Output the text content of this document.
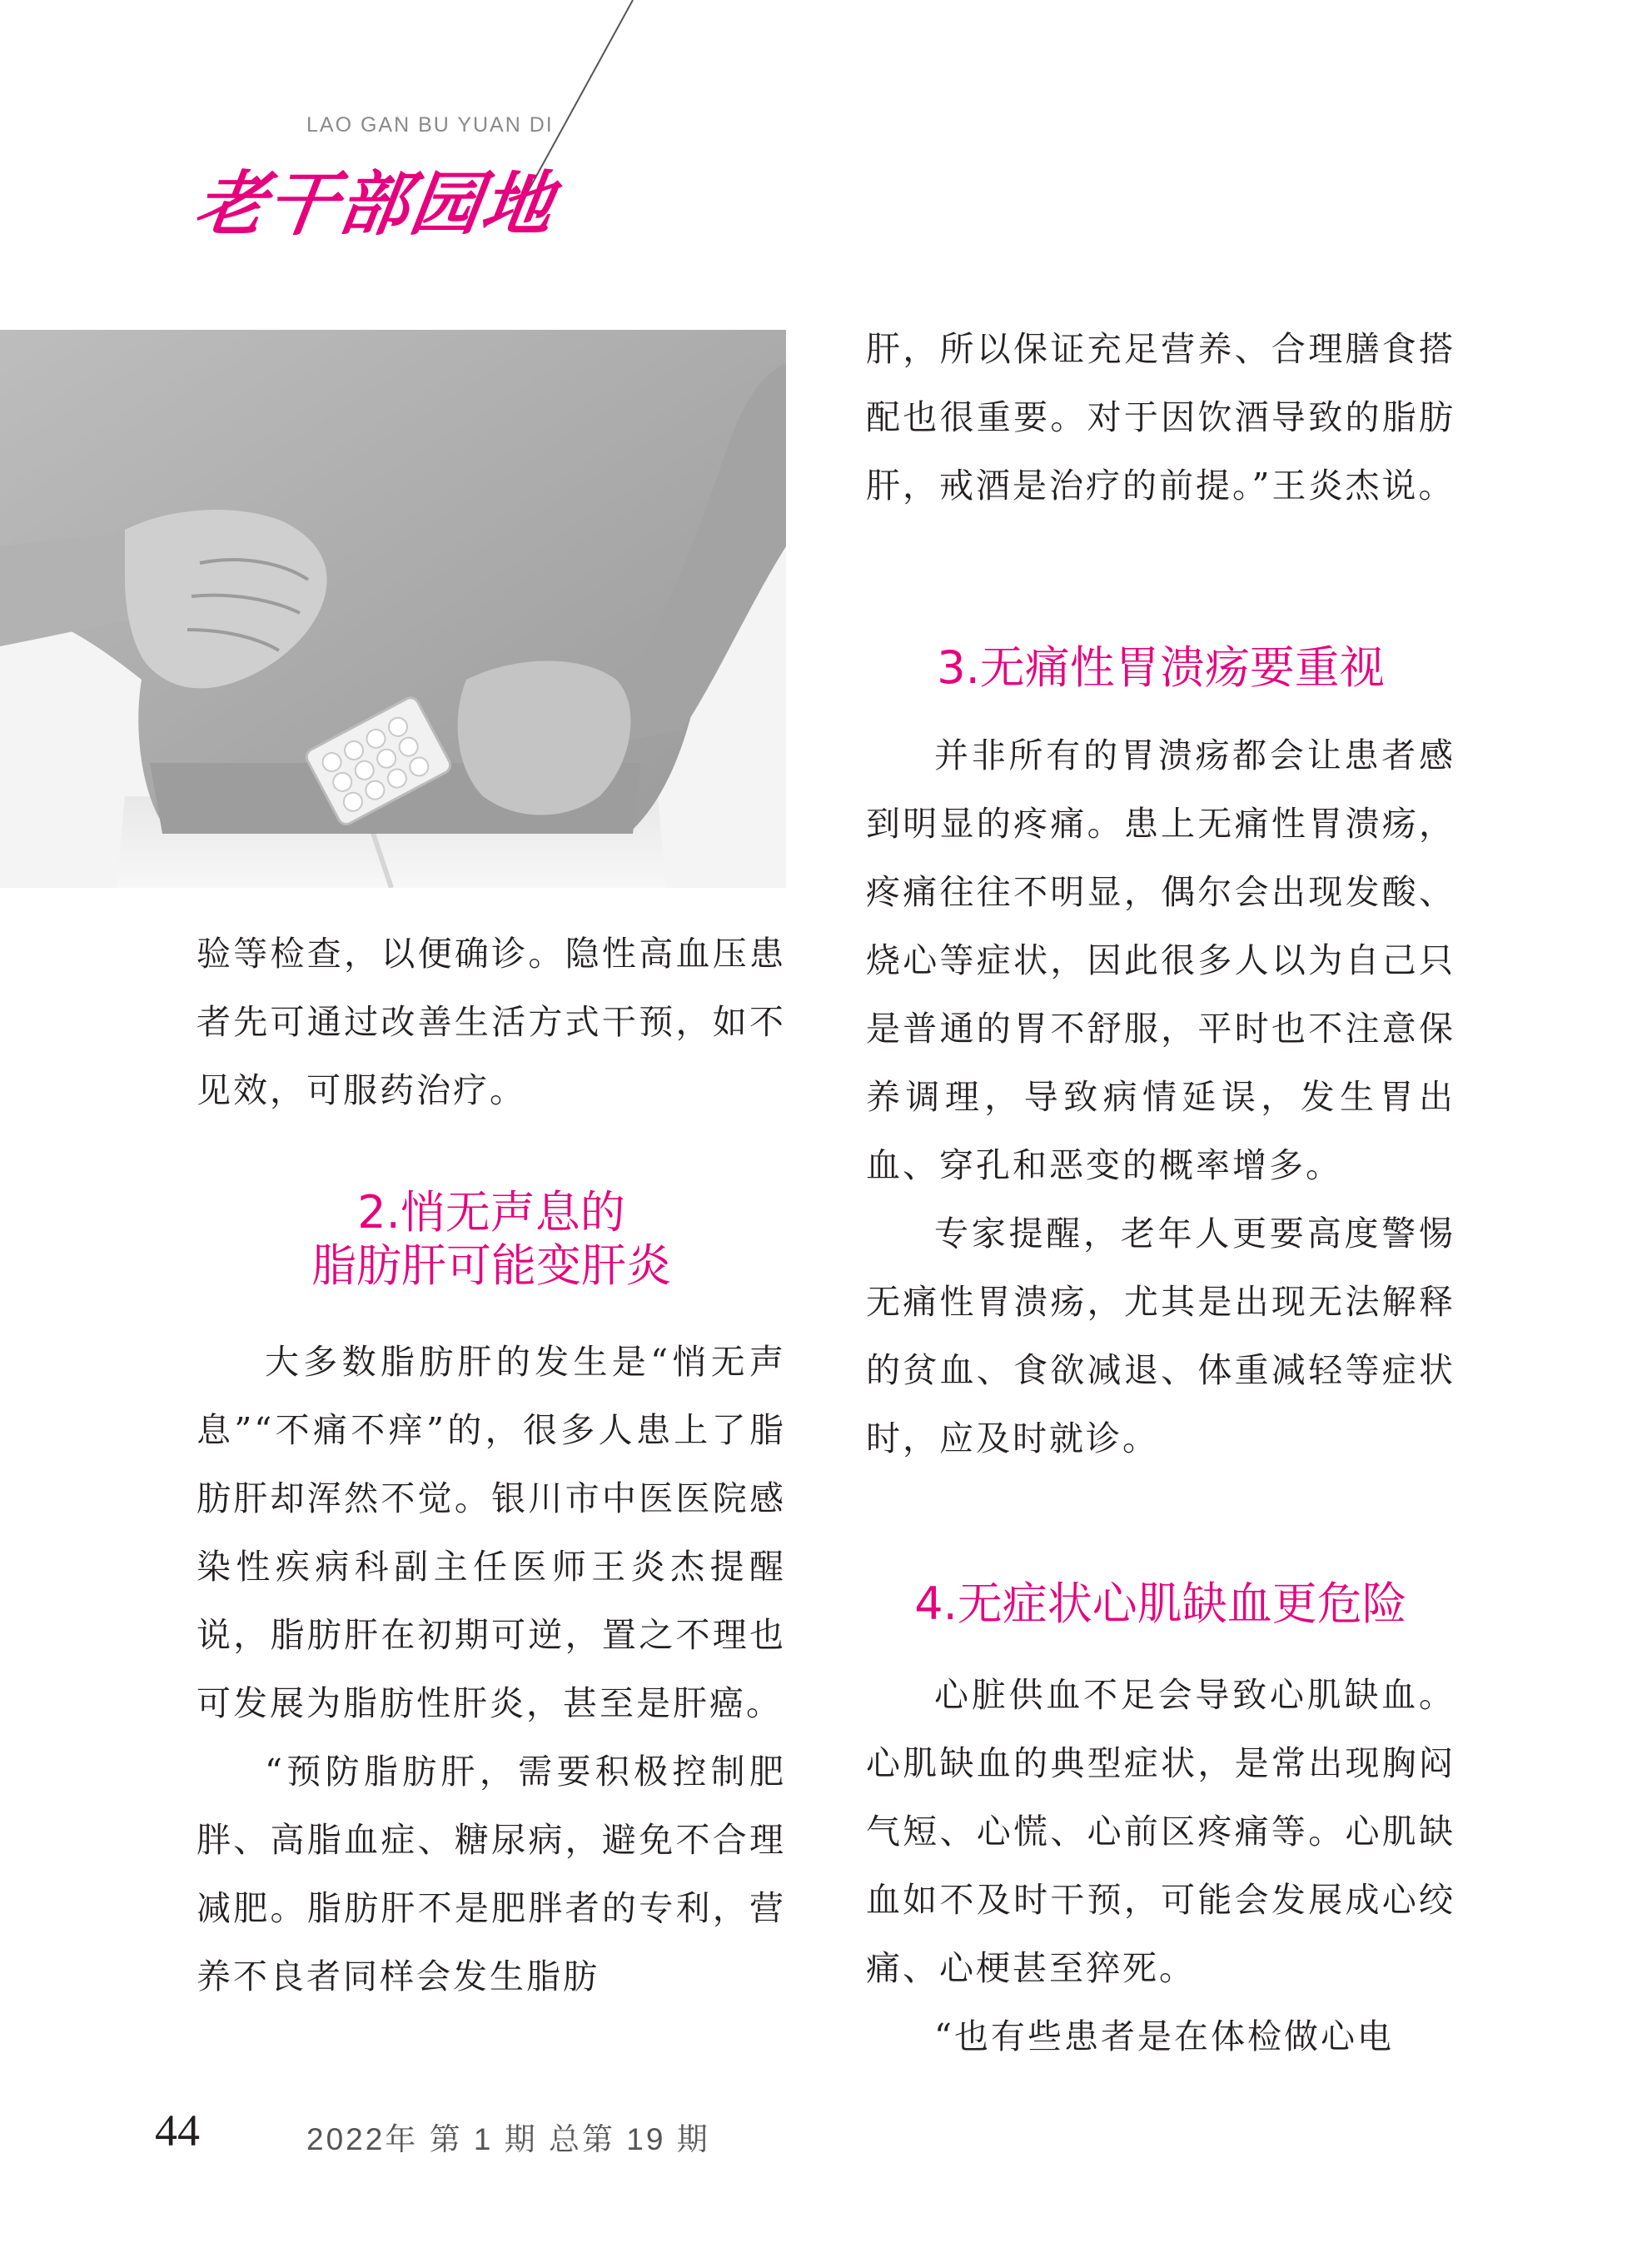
LAO GAN BU YUAN DI
老干部园地

验等检查，以便确诊。隐性高血压患者先可通过改善生活方式干预，如不见效，可服药治疗。

2.悄无声息的
脂肪肝可能变肝炎

大多数脂肪肝的发生是“悄无声息”“不痛不痒”的，很多人患上了脂肪肝却浑然不觉。银川市中医医院感染性疾病科副主任医师王炎杰提醒说，脂肪肝在初期可逆，置之不理也可发展为脂肪性肝炎，甚至是肝癌。

“预防脂肪肝，需要积极控制肥胖、高脂血症、糖尿病，避免不合理减肥。脂肪肝不是肥胖者的专利，营养不良者同样会发生脂肪

肝，所以保证充足营养、合理膳食搭配也很重要。对于因饮酒导致的脂肪肝，戒酒是治疗的前提。”王炎杰说。

3.无痛性胃溃疡要重视

并非所有的胃溃疡都会让患者感到明显的疼痛。患上无痛性胃溃疡，疼痛往往不明显，偶尔会出现发酸、烧心等症状，因此很多人以为自己只是普通的胃不舒服，平时也不注意保养调理，导致病情延误，发生胃出血、穿孔和恶变的概率增多。

专家提醒，老年人更要高度警惕无痛性胃溃疡，尤其是出现无法解释的贫血、食欲减退、体重减轻等症状时，应及时就诊。

4.无症状心肌缺血更危险

心脏供血不足会导致心肌缺血。心肌缺血的典型症状，是常出现胸闷气短、心慌、心前区疼痛等。心肌缺血如不及时干预，可能会发展成心绞痛、心梗甚至猝死。

“也有些患者是在体检做心电

44	2022年 第 1 期 总第 19 期
